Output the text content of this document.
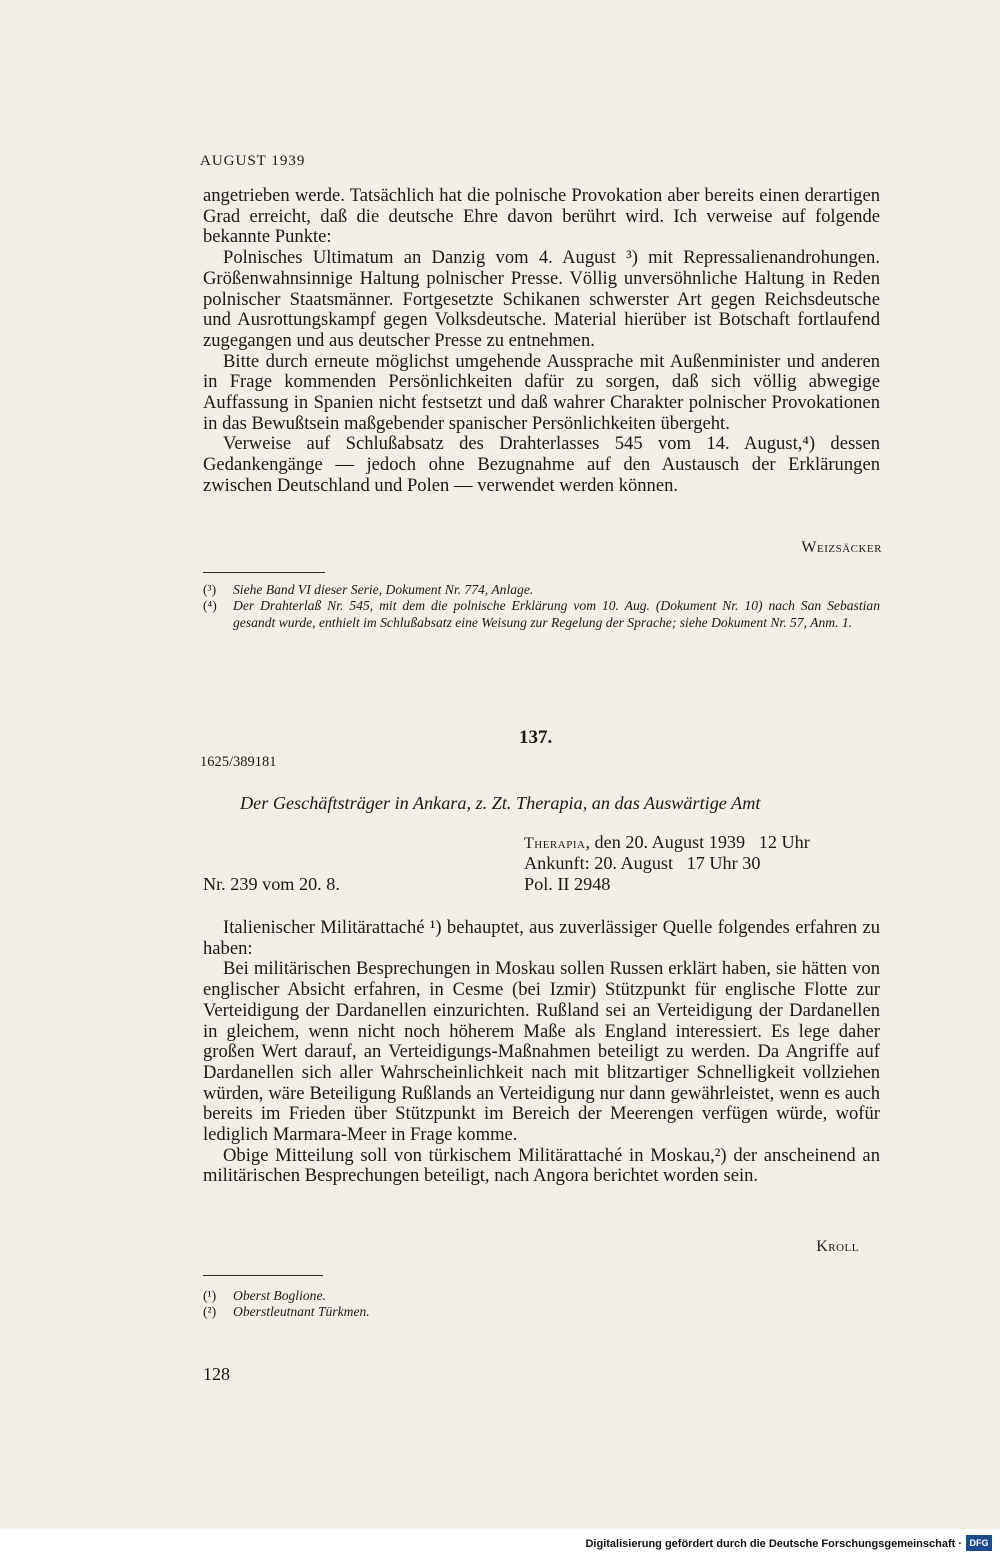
AUGUST 1939

angetrieben werde. Tatsächlich hat die polnische Provokation aber bereits einen derartigen Grad erreicht, daß die deutsche Ehre davon berührt wird. Ich verweise auf folgende bekannte Punkte:

Polnisches Ultimatum an Danzig vom 4. August ³) mit Repressalienandrohungen. Größenwahnsinnige Haltung polnischer Presse. Völlig unversöhnliche Haltung in Reden polnischer Staatsmänner. Fortgesetzte Schikanen schwerster Art gegen Reichsdeutsche und Ausrottungskampf gegen Volksdeutsche. Material hierüber ist Botschaft fortlaufend zugegangen und aus deutscher Presse zu entnehmen.

Bitte durch erneute möglichst umgehende Aussprache mit Außenminister und anderen in Frage kommenden Persönlichkeiten dafür zu sorgen, daß sich völlig abwegige Auffassung in Spanien nicht festsetzt und daß wahrer Charakter polnischer Provokationen in das Bewußtsein maßgebender spanischer Persönlichkeiten übergeht.

Verweise auf Schlußabsatz des Drahterlasses 545 vom 14. August,⁴) dessen Gedankengänge — jedoch ohne Bezugnahme auf den Austausch der Erklärungen zwischen Deutschland und Polen — verwendet werden können.

Weizsäcker
(³)	Siehe Band VI dieser Serie, Dokument Nr. 774, Anlage.
(⁴)	Der Drahterlaß Nr. 545, mit dem die polnische Erklärung vom 10. Aug. (Dokument Nr. 10) nach San Sebastian gesandt wurde, enthielt im Schlußabsatz eine Weisung zur Regelung der Sprache; siehe Dokument Nr. 57, Anm. 1.
137.
1625/389181
Der Geschäftsträger in Ankara, z. Zt. Therapia, an das Auswärtige Amt
Therapia, den 20. August 1939   12 Uhr
Ankunft: 20. August   17 Uhr 30
Nr. 239 vom 20. 8.	Pol. II 2948

Italienischer Militärattaché ¹) behauptet, aus zuverlässiger Quelle folgendes erfahren zu haben:

Bei militärischen Besprechungen in Moskau sollen Russen erklärt haben, sie hätten von englischer Absicht erfahren, in Cesme (bei Izmir) Stützpunkt für englische Flotte zur Verteidigung der Dardanellen einzurichten. Rußland sei an Verteidigung der Dardanellen in gleichem, wenn nicht noch höherem Maße als England interessiert. Es lege daher großen Wert darauf, an Verteidigungs-Maßnahmen beteiligt zu werden. Da Angriffe auf Dardanellen sich aller Wahrscheinlichkeit nach mit blitzartiger Schnelligkeit vollziehen würden, wäre Beteiligung Rußlands an Verteidigung nur dann gewährleistet, wenn es auch bereits im Frieden über Stützpunkt im Bereich der Meerengen verfügen würde, wofür lediglich Marmara-Meer in Frage komme.

Obige Mitteilung soll von türkischem Militärattaché in Moskau,²) der anscheinend an militärischen Besprechungen beteiligt, nach Angora berichtet worden sein.

Kroll
(¹)	Oberst Boglione.
(²)	Oberstleutnant Türkmen.
128
Digitalisierung gefördert durch die Deutsche Forschungsgemeinschaft · DFG
